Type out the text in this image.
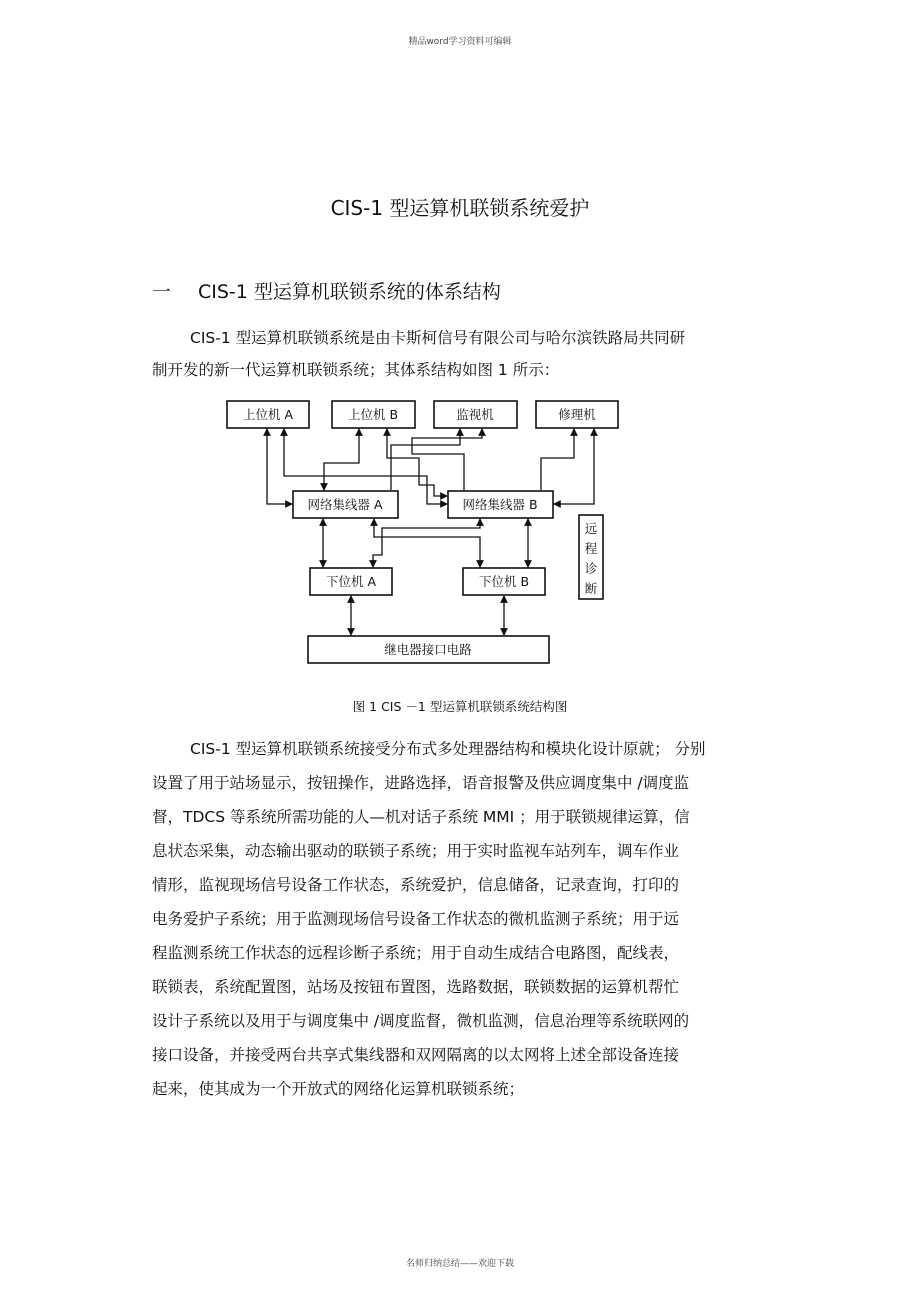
精品word学习资料可编辑
CIS-1 型运算机联锁系统爱护
一 CIS-1 型运算机联锁系统的体系结构
CIS-1 型运算机联锁系统是由卡斯柯信号有限公司与哈尔滨铁路局共同研
制开发的新一代运算机联锁系统；其体系结构如图 1 所示：
上位机 A	上位机 B	监视机	修理机
网络集线器 A	网络集线器 B
远
程
诊
断
下位机 A	下位机 B
继电器接口电路
图 1 CIS －1 型运算机联锁系统结构图
CIS-1 型运算机联锁系统接受分布式多处理器结构和模块化设计原就； 分别
设置了用于站场显示，按钮操作，进路选择，语音报警及供应调度集中 /调度监
督，TDCS 等系统所需功能的人—机对话子系统 MMI ；用于联锁规律运算，信
息状态采集，动态输出驱动的联锁子系统；用于实时监视车站列车，调车作业
情形，监视现场信号设备工作状态，系统爱护，信息储备，记录查询，打印的
电务爱护子系统；用于监测现场信号设备工作状态的微机监测子系统；用于远
程监测系统工作状态的远程诊断子系统；用于自动生成结合电路图，配线表，
联锁表，系统配置图，站场及按钮布置图，选路数据，联锁数据的运算机帮忙
设计子系统以及用于与调度集中 /调度监督，微机监测，信息治理等系统联网的
接口设备，并接受两台共享式集线器和双网隔离的以太网将上述全部设备连接
起来，使其成为一个开放式的网络化运算机联锁系统；
名师归纳总结——欢迎下载
